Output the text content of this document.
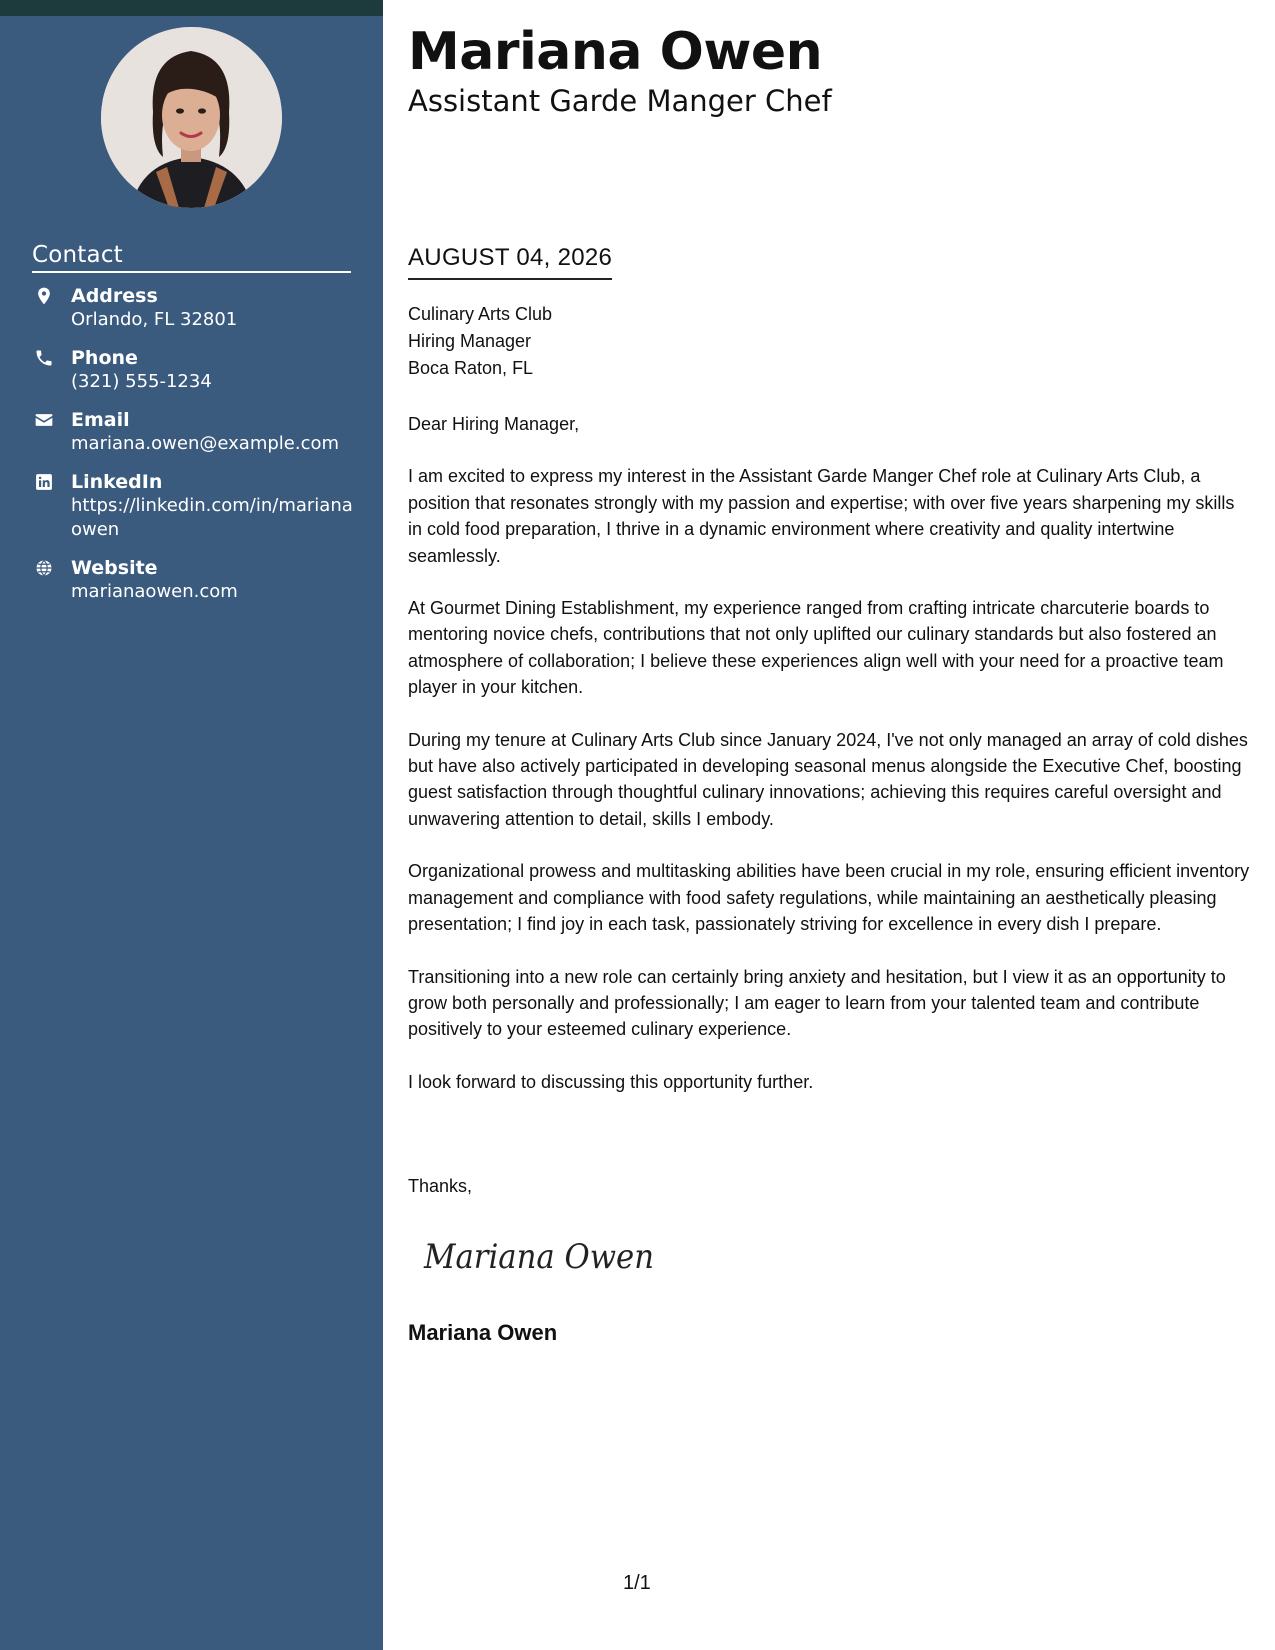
Contact
Address
Orlando, FL 32801
Phone
(321) 555-1234
Email
mariana.owen@example.com
LinkedIn
https://linkedin.com/in/marianaowen
Website
marianaowen.com
Mariana Owen
Assistant Garde Manger Chef
AUGUST 04, 2026
Culinary Arts Club
Hiring Manager
Boca Raton, FL

Dear Hiring Manager,

I am excited to express my interest in the Assistant Garde Manger Chef role at Culinary Arts Club, a position that resonates strongly with my passion and expertise; with over five years sharpening my skills in cold food preparation, I thrive in a dynamic environment where creativity and quality intertwine seamlessly.

At Gourmet Dining Establishment, my experience ranged from crafting intricate charcuterie boards to mentoring novice chefs, contributions that not only uplifted our culinary standards but also fostered an atmosphere of collaboration; I believe these experiences align well with your need for a proactive team player in your kitchen.

During my tenure at Culinary Arts Club since January 2024, I've not only managed an array of cold dishes but have also actively participated in developing seasonal menus alongside the Executive Chef, boosting guest satisfaction through thoughtful culinary innovations; achieving this requires careful oversight and unwavering attention to detail, skills I embody.

Organizational prowess and multitasking abilities have been crucial in my role, ensuring efficient inventory management and compliance with food safety regulations, while maintaining an aesthetically pleasing presentation; I find joy in each task, passionately striving for excellence in every dish I prepare.

Transitioning into a new role can certainly bring anxiety and hesitation, but I view it as an opportunity to grow both personally and professionally; I am eager to learn from your talented team and contribute positively to your esteemed culinary experience.

I look forward to discussing this opportunity further.

Thanks,
Mariana Owen
Mariana Owen
1/1
